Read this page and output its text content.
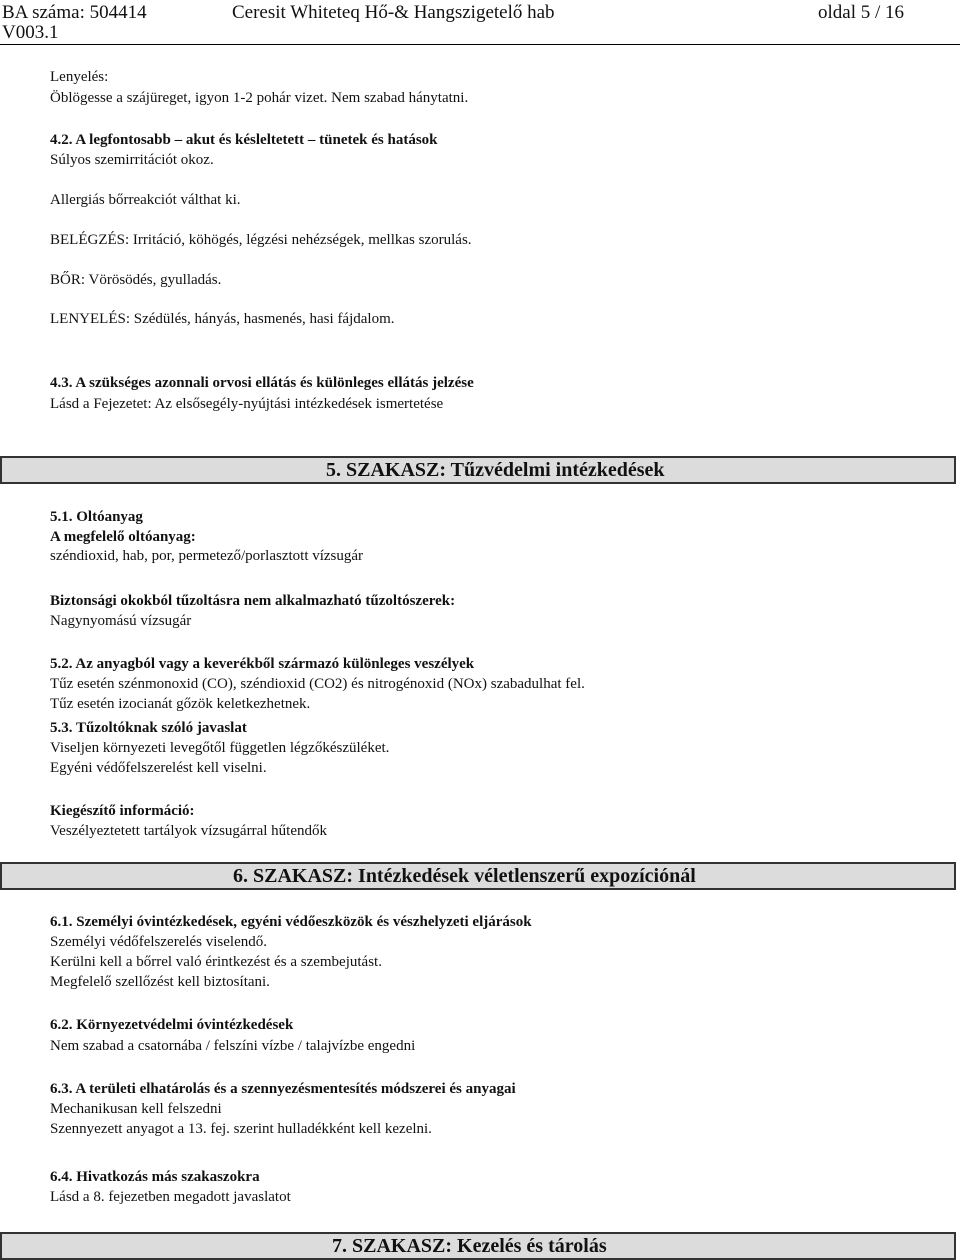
BA száma: 504414
V003.1
Ceresit Whiteteq Hő-& Hangszigetelő hab	oldal 5 / 16
Lenyelés:
Öblögesse a szájüreget, igyon 1-2 pohár vizet. Nem szabad hánytatni.
4.2. A legfontosabb – akut és késleltetett – tünetek és hatások
Súlyos szemirritációt okoz.
Allergiás bőrreakciót válthat ki.
BELÉGZÉS: Irritáció, köhögés, légzési nehézségek, mellkas szorulás.
BŐR: Vörösödés, gyulladás.
LENYELÉS: Szédülés, hányás, hasmenés, hasi fájdalom.
4.3. A szükséges azonnali orvosi ellátás és különleges ellátás jelzése
Lásd a Fejezetet: Az elsősegély-nyújtási intézkedések ismertetése
5. SZAKASZ: Tűzvédelmi intézkedések
5.1. Oltóanyag
A megfelelő oltóanyag:
széndioxid, hab, por, permetező/porlasztott vízsugár
Biztonsági okokból tűzoltásra nem alkalmazható tűzoltószerek:
Nagynyomású vízsugár
5.2. Az anyagból vagy a keverékből származó különleges veszélyek
Tűz esetén szénmonoxid (CO), széndioxid (CO2) és nitrogénoxid (NOx) szabadulhat fel.
Tűz esetén izocianát gőzök keletkezhetnek.
5.3. Tűzoltóknak szóló javaslat
Viseljen környezeti levegőtől független légzőkészüléket.
Egyéni védőfelszerelést kell viselni.
Kiegészítő információ:
Veszélyeztetett tartályok vízsugárral hűtendők
6. SZAKASZ: Intézkedések véletlenszerű expozíciónál
6.1. Személyi óvintézkedések, egyéni védőeszközök és vészhelyzeti eljárások
Személyi védőfelszerelés viselendő.
Kerülni kell a bőrrel való érintkezést és a szembejutást.
Megfelelő szellőzést kell biztosítani.
6.2. Környezetvédelmi óvintézkedések
Nem szabad a csatornába / felszíni vízbe / talajvízbe engedni
6.3. A területi elhatárolás és a szennyezésmentesítés módszerei és anyagai
Mechanikusan kell felszedni
Szennyezett anyagot a 13. fej. szerint hulladékként kell kezelni.
6.4. Hivatkozás más szakaszokra
Lásd a 8. fejezetben megadott javaslatot
7. SZAKASZ: Kezelés és tárolás
